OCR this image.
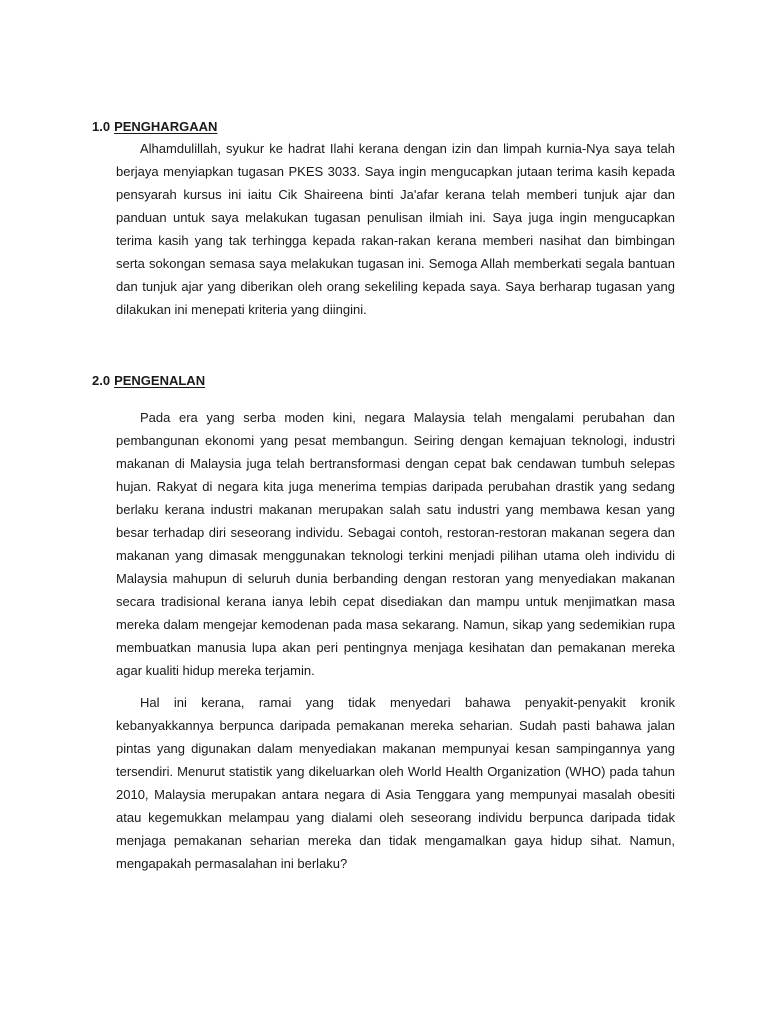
1.0 PENGHARGAAN

Alhamdulillah, syukur ke hadrat Ilahi kerana dengan izin dan limpah kurnia-Nya saya telah berjaya menyiapkan tugasan PKES 3033. Saya ingin mengucapkan jutaan terima kasih kepada pensyarah kursus ini iaitu Cik Shaireena binti Ja'afar kerana telah memberi tunjuk ajar dan panduan untuk saya melakukan tugasan penulisan ilmiah ini. Saya juga ingin mengucapkan terima kasih yang tak terhingga kepada rakan-rakan kerana memberi nasihat dan bimbingan serta sokongan semasa saya melakukan tugasan ini. Semoga Allah memberkati segala bantuan dan tunjuk ajar yang diberikan oleh orang sekeliling kepada saya. Saya berharap tugasan yang dilakukan ini menepati kriteria yang diingini.

2.0 PENGENALAN

Pada era yang serba moden kini, negara Malaysia telah mengalami perubahan dan pembangunan ekonomi yang pesat membangun. Seiring dengan kemajuan teknologi, industri makanan di Malaysia juga telah bertransformasi dengan cepat bak cendawan tumbuh selepas hujan. Rakyat di negara kita juga menerima tempias daripada perubahan drastik yang sedang berlaku kerana industri makanan merupakan salah satu industri yang membawa kesan yang besar terhadap diri seseorang individu. Sebagai contoh, restoran-restoran makanan segera dan makanan yang dimasak menggunakan teknologi terkini menjadi pilihan utama oleh individu di Malaysia mahupun di seluruh dunia berbanding dengan restoran yang menyediakan makanan secara tradisional kerana ianya lebih cepat disediakan dan mampu untuk menjimatkan masa mereka dalam mengejar kemodenan pada masa sekarang. Namun, sikap yang sedemikian rupa membuatkan manusia lupa akan peri pentingnya menjaga kesihatan dan pemakanan mereka agar kualiti hidup mereka terjamin.

Hal ini kerana, ramai yang tidak menyedari bahawa penyakit-penyakit kronik kebanyakkannya berpunca daripada pemakanan mereka seharian. Sudah pasti bahawa jalan pintas yang digunakan dalam menyediakan makanan mempunyai kesan sampingannya yang tersendiri. Menurut statistik yang dikeluarkan oleh World Health Organization (WHO) pada tahun 2010, Malaysia merupakan antara negara di Asia Tenggara yang mempunyai masalah obesiti atau kegemukkan melampau yang dialami oleh seseorang individu berpunca daripada tidak menjaga pemakanan seharian mereka dan tidak mengamalkan gaya hidup sihat. Namun, mengapakah permasalahan ini berlaku?
